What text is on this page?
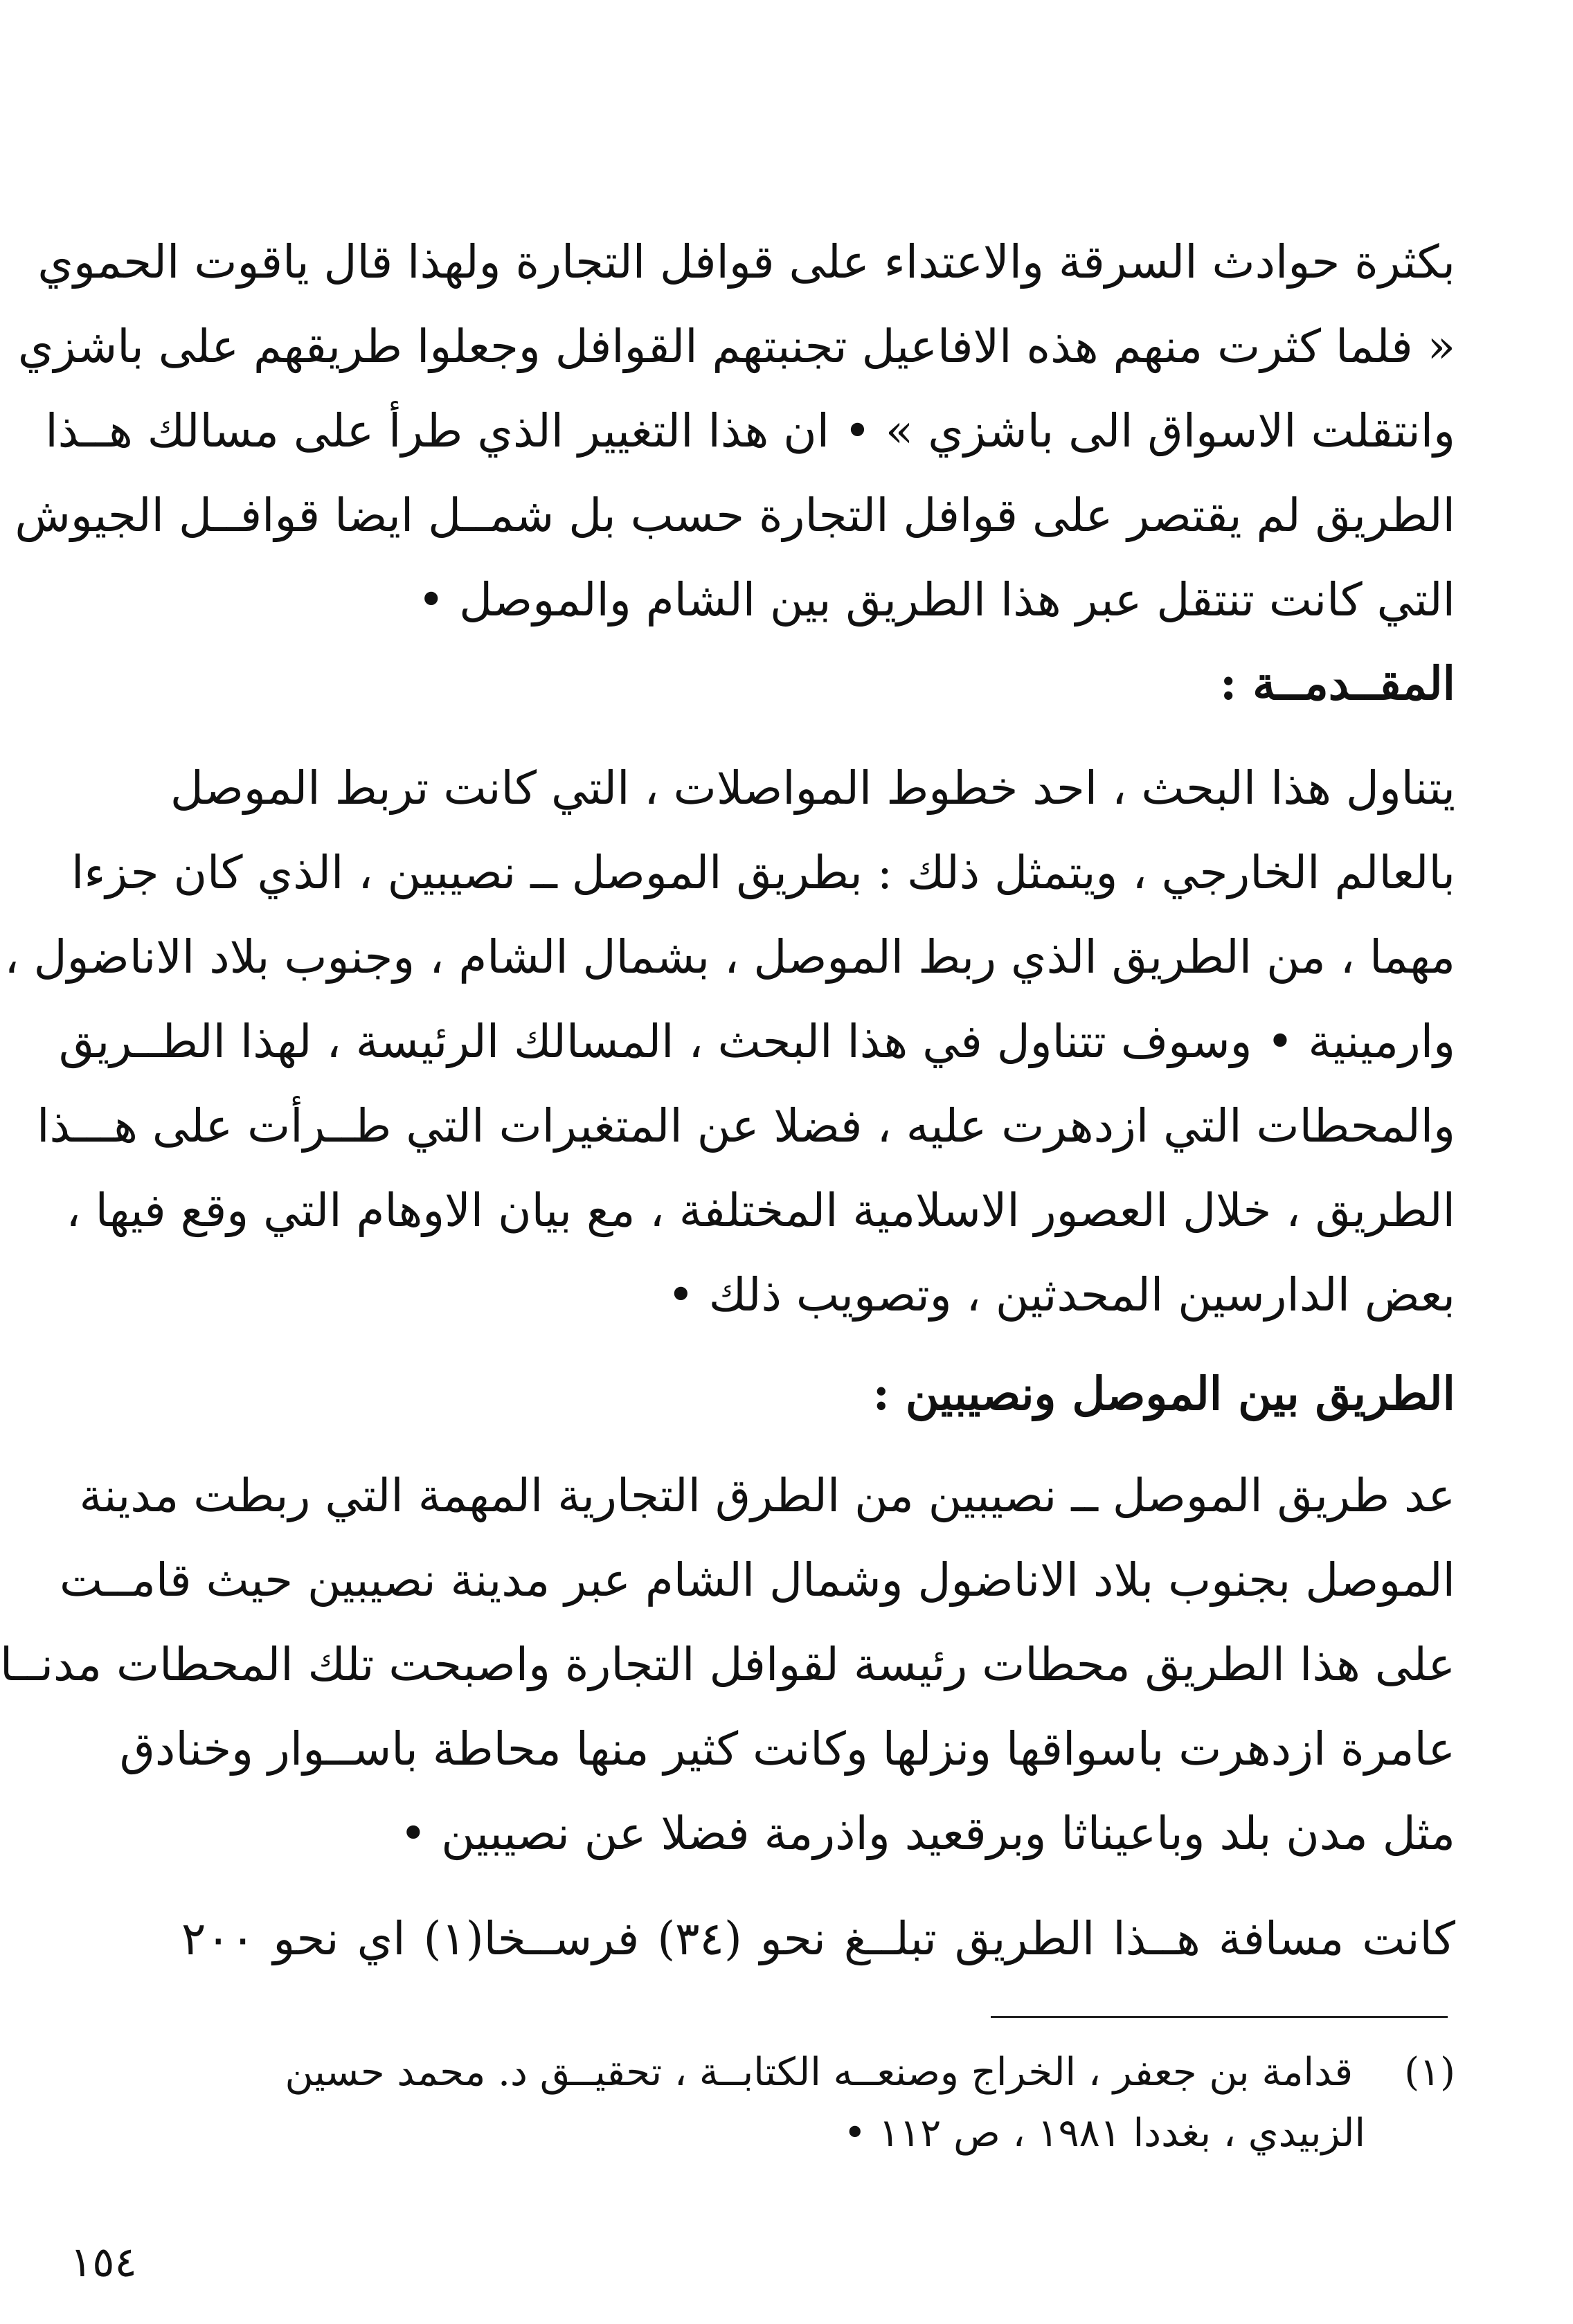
بكثرة حوادث السرقة والاعتداء على قوافل التجارة ولهذا قال ياقوت الحموي
« فلما كثرت منهم هذه الافاعيل تجنبتهم القوافل وجعلوا طريقهم على باشزي
وانتقلت الاسواق الى باشزي » • ان هذا التغيير الذي طرأ على مسالك هــذا
الطريق لم يقتصر على قوافل التجارة حسب بل شمــل ايضا قوافــل الجيوش
التي كانت تنتقل عبر هذا الطريق بين الشام والموصل •
المقــدمــة :
يتناول هذا البحث ، احد خطوط المواصلات ، التي كانت تربط الموصل
بالعالم الخارجي ، ويتمثل ذلك : بطريق الموصل ــ نصيبين ، الذي كان جزءا
مهما ، من الطريق الذي ربط الموصل ، بشمال الشام ، وجنوب بلاد الاناضول ،
وارمينية • وسوف تتناول في هذا البحث ، المسالك الرئيسة ، لهذا الطــريق
والمحطات التي ازدهرت عليه ، فضلا عن المتغيرات التي طــرأت على هـــذا
الطريق ، خلال العصور الاسلامية المختلفة ، مع بيان الاوهام التي وقع فيها ،
بعض الدارسين المحدثين ، وتصويب ذلك •
الطريق بين الموصل ونصيبين :
عد طريق الموصل ــ نصيبين من الطرق التجارية المهمة التي ربطت مدينة
الموصل بجنوب بلاد الاناضول وشمال الشام عبر مدينة نصيبين حيث قامــت
على هذا الطريق محطات رئيسة لقوافل التجارة واصبحت تلك المحطات مدنــا
عامرة ازدهرت باسواقها ونزلها وكانت كثير منها محاطة باســوار وخنادق
مثل مدن بلد وباعيناثا وبرقعيد واذرمة فضلا عن نصيبين •
كانت مسافة هــذا الطريق تبلــغ نحو (٣٤) فرســخا(١) اي نحو ٢٠٠
(١) قدامة بن جعفر ، الخراج وصنعــه الكتابــة ، تحقيــق د. محمد حسين
الزبيدي ، بغددا ١٩٨١ ، ص ١١٢ •
١٥٤
